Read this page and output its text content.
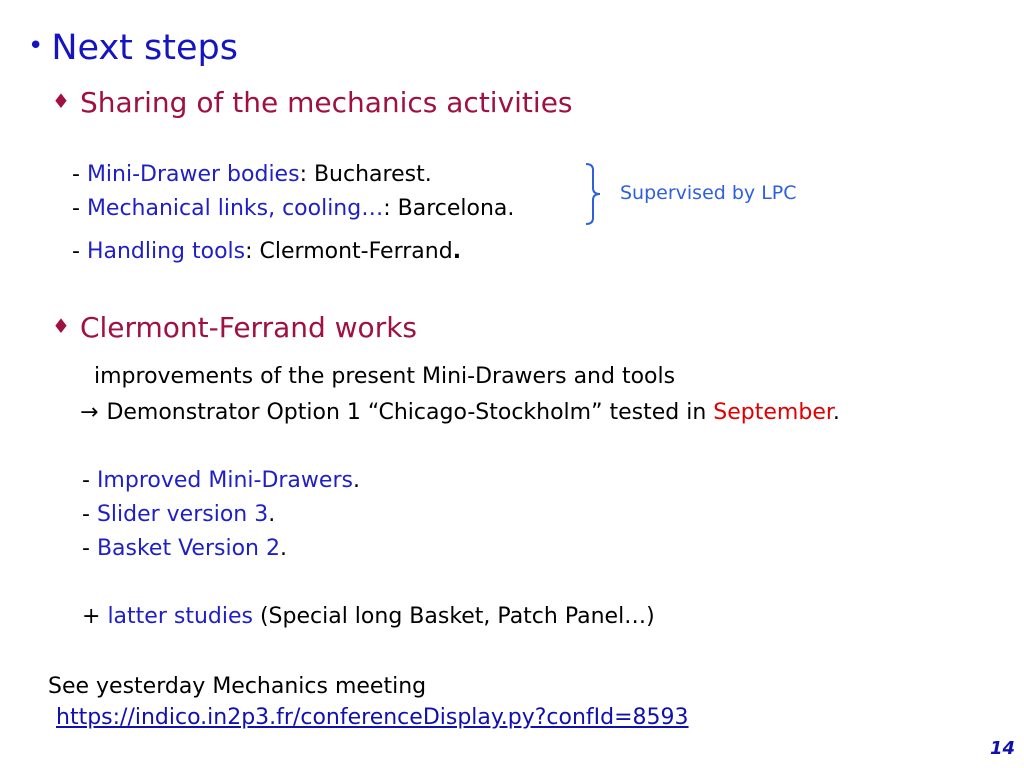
• Next steps
♦ Sharing of the mechanics activities
- Mini-Drawer bodies: Bucharest.
- Mechanical links, cooling…: Barcelona.
- Handling tools: Clermont-Ferrand.
Supervised by LPC
♦ Clermont-Ferrand works
improvements of the present Mini-Drawers and tools
→ Demonstrator Option 1 “Chicago-Stockholm” tested in September.
- Improved Mini-Drawers.
- Slider version 3.
- Basket Version 2.
+ latter studies (Special long Basket, Patch Panel…)
See yesterday Mechanics meeting
https://indico.in2p3.fr/conferenceDisplay.py?confId=8593
14
